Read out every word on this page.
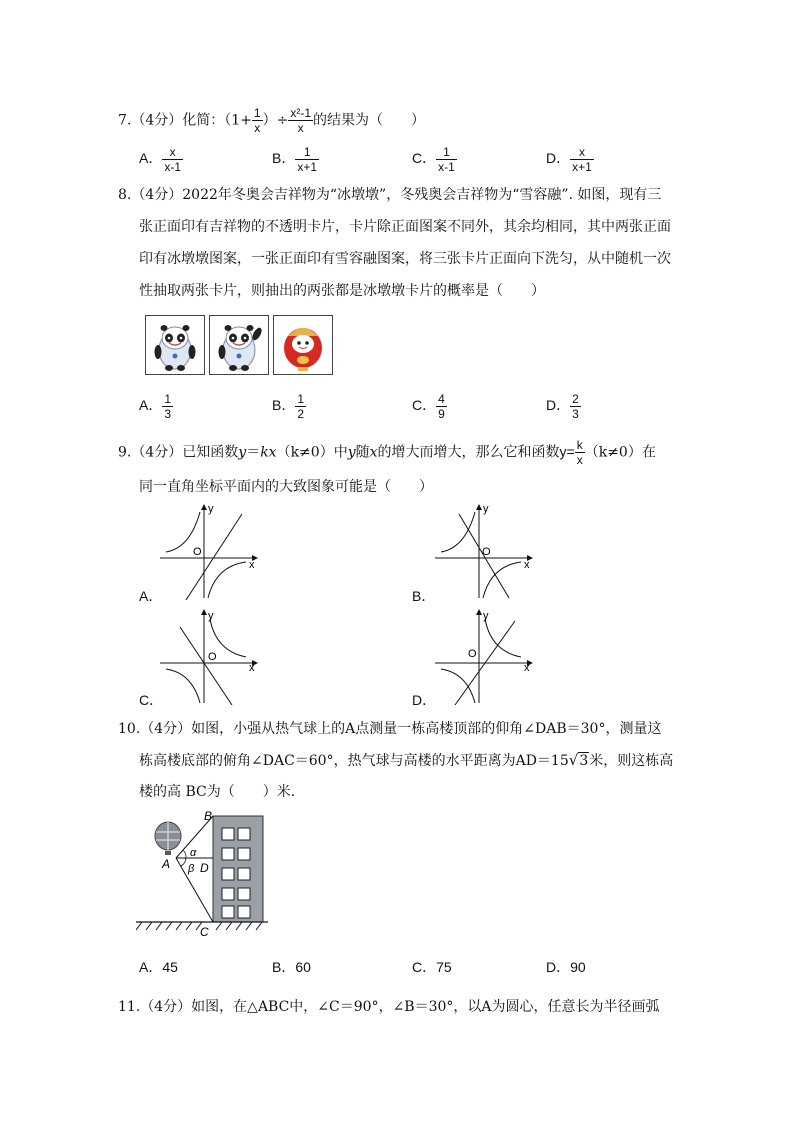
7.（4分）化简：（$1+ \frac{1}{x}$ ）÷ $\frac{\text{x²-1}}{x}$ 的结果为（　　）
A． $\frac{x}{x-1}$	B． $\frac{1}{x+1}$	C． $\frac{1}{x-1}$	D． $\frac{x}{x+1}$
8.（4分）2022年冬奥会吉祥物为“冰墩墩”，冬残奥会吉祥物为“雪容融”. 如图，现有三
张正面印有吉祥物的不透明卡片，卡片除正面图案不同外，其余均相同，其中两张正面
印有冰墩墩图案，一张正面印有雪容融图案，将三张卡片正面向下洗匀，从中随机一次
性抽取两张卡片，则抽出的两张都是冰墩墩卡片的概率是（　　）
A． $\frac{1}{3}$	B． $\frac{1}{2}$	C． $\frac{4}{9}$	D． $\frac{2}{3}$
9.（4分）已知函数y＝kx（k≠0）中y随x的增大而增大，那么它和函数$y= \frac{k}{x} (k\ne 0)$在
同一直角坐标平面内的大致图象可能是（　　）
y
x
O
A．
y
x
O
B．
y
x
O
C．
y
x
O
D．
10.（4分）如图，小强从热气球上的A点测量一栋高楼顶部的仰角∠DAB＝30°，测量这
栋高楼底部的俯角∠DAC＝60°，热气球与高楼的水平距离为AD＝15√3米，则这栋高
楼的高 BC为（　　）米.
B
A D
C
α
β
A．45	B．60	C．75	D．90
11.（4分）如图，在△ABC中，∠C＝90°，∠B＝30°，以A为圆心，任意长为半径画弧
